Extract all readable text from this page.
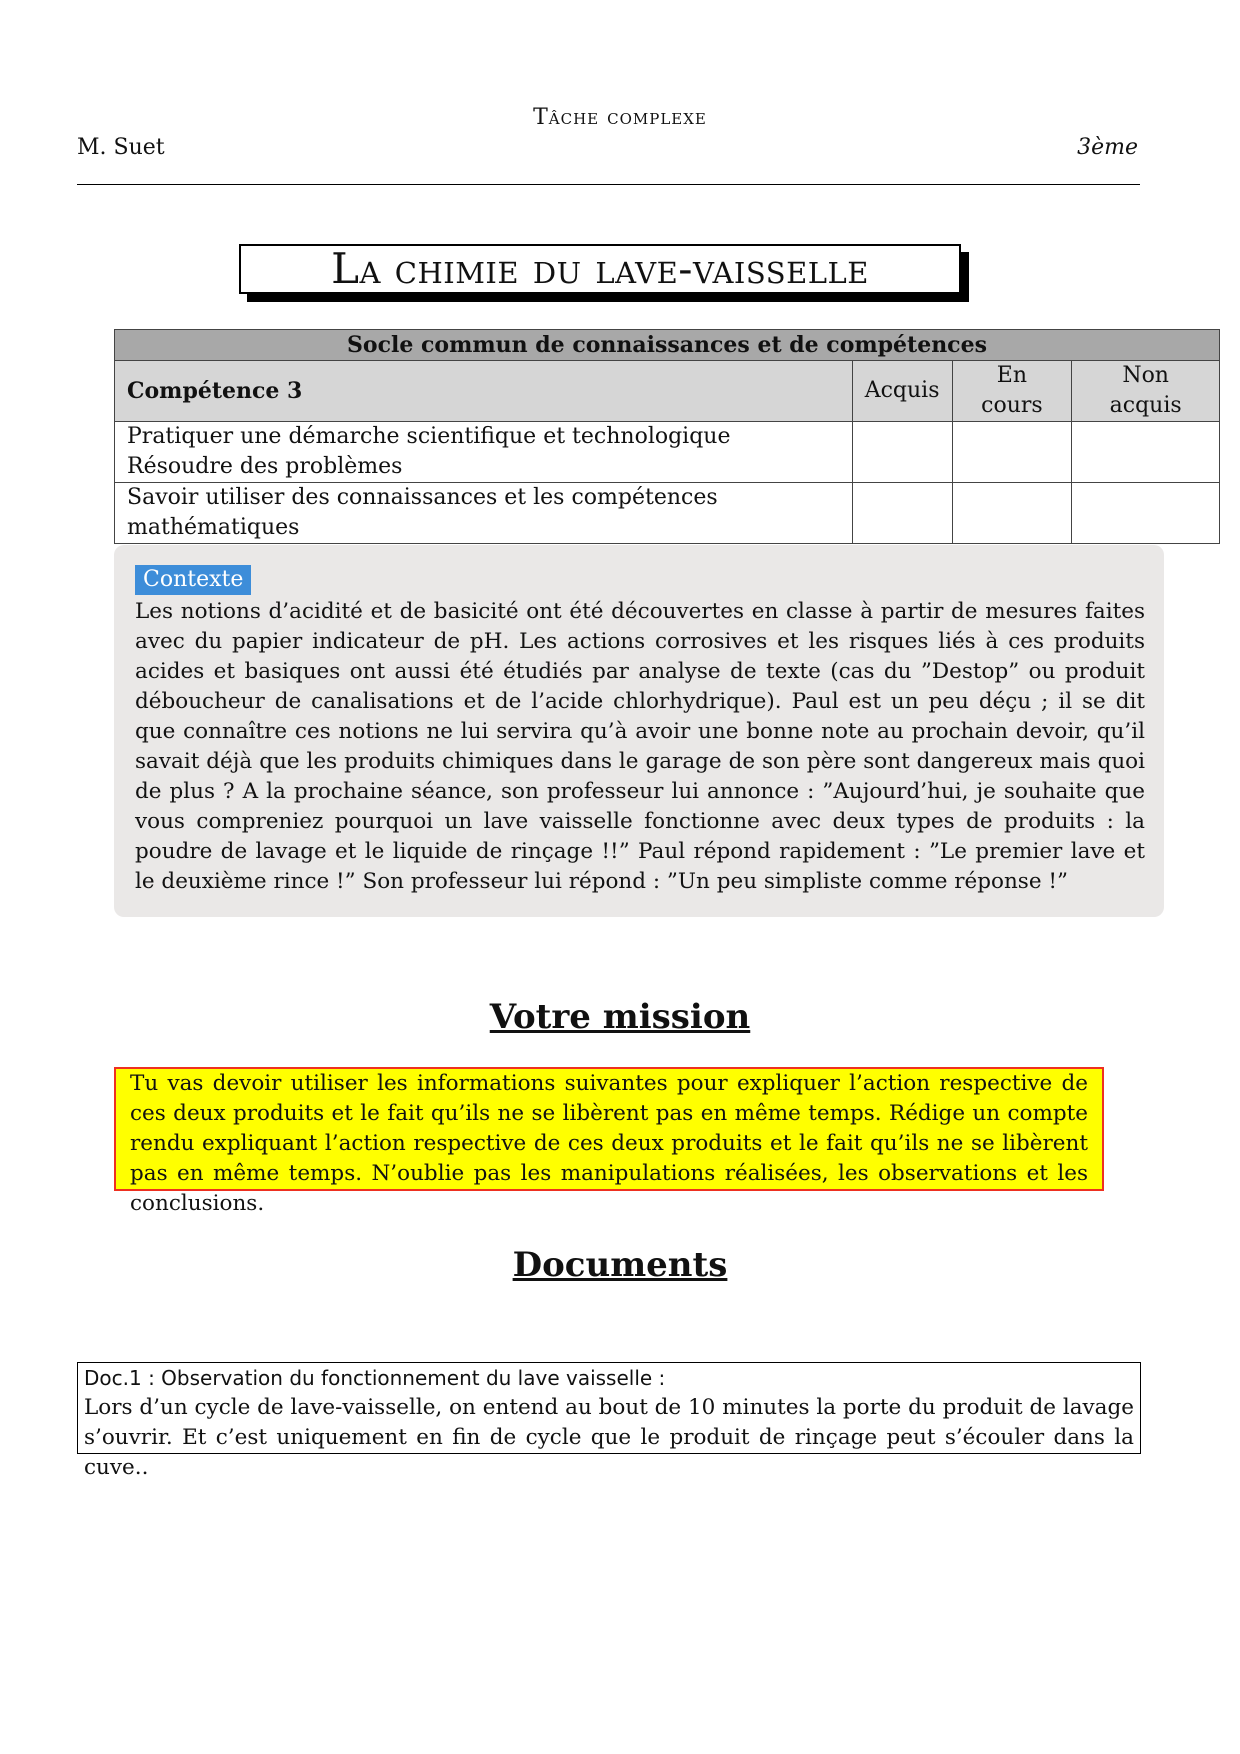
Tâche complexe
M. Suet	3ème
La chimie du lave-vaisselle
Socle commun de connaissances et de compétences			
Compétence 3	Acquis	En cours	Non acquis

Pratiquer une démarche scientifique et technologique
Résoudre des problèmes			

Savoir utiliser des connaissances et les compétences mathématiques			
Contexte
Les notions d’acidité et de basicité ont été découvertes en classe à partir de mesures faites avec du papier indicateur de pH. Les actions corrosives et les risques liés à ces produits acides et basiques ont aussi été étudiés par analyse de texte (cas du ”Destop” ou produit déboucheur de canalisations et de l’acide chlorhydrique). Paul est un peu déçu ; il se dit que connaître ces notions ne lui servira qu’à avoir une bonne note au prochain devoir, qu’il savait déjà que les produits chimiques dans le garage de son père sont dangereux mais quoi de plus ? A la prochaine séance, son professeur lui annonce : ”Aujourd’hui, je souhaite que vous compreniez pourquoi un lave vaisselle fonctionne avec deux types de produits : la poudre de lavage et le liquide de rinçage !!” Paul répond rapidement : ”Le premier lave et le deuxième rince !” Son professeur lui répond : ”Un peu simpliste comme réponse !”
Votre mission
Tu vas devoir utiliser les informations suivantes pour expliquer l’action respective de ces deux produits et le fait qu’ils ne se libèrent pas en même temps. Rédige un compte rendu expliquant l’action respective de ces deux produits et le fait qu’ils ne se libèrent pas en même temps. N’oublie pas les manipulations réalisées, les observations et les conclusions.
Documents
Doc.1 : Observation du fonctionnement du lave vaisselle :
Lors d’un cycle de lave-vaisselle, on entend au bout de 10 minutes la porte du produit de lavage s’ouvrir. Et c’est uniquement en fin de cycle que le produit de rinçage peut s’écouler dans la cuve..
